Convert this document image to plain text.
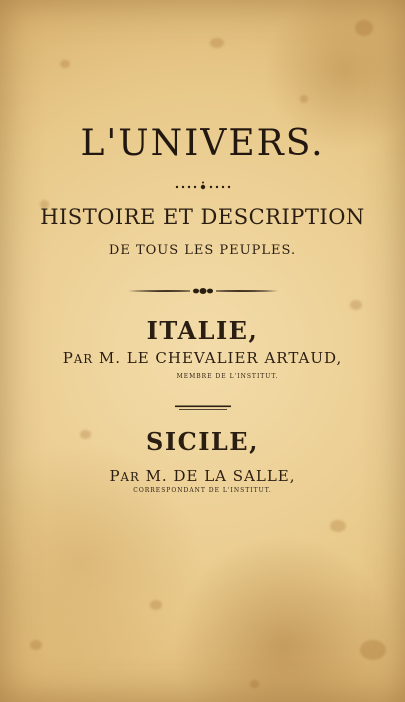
L'UNIVERS.
HISTOIRE ET DESCRIPTION
DE TOUS LES PEUPLES.
ITALIE,
PAR M. LE CHEVALIER ARTAUD,
MEMBRE DE L'INSTITUT.
SICILE,
PAR M. DE LA SALLE,
CORRESPONDANT DE L'INSTITUT.
